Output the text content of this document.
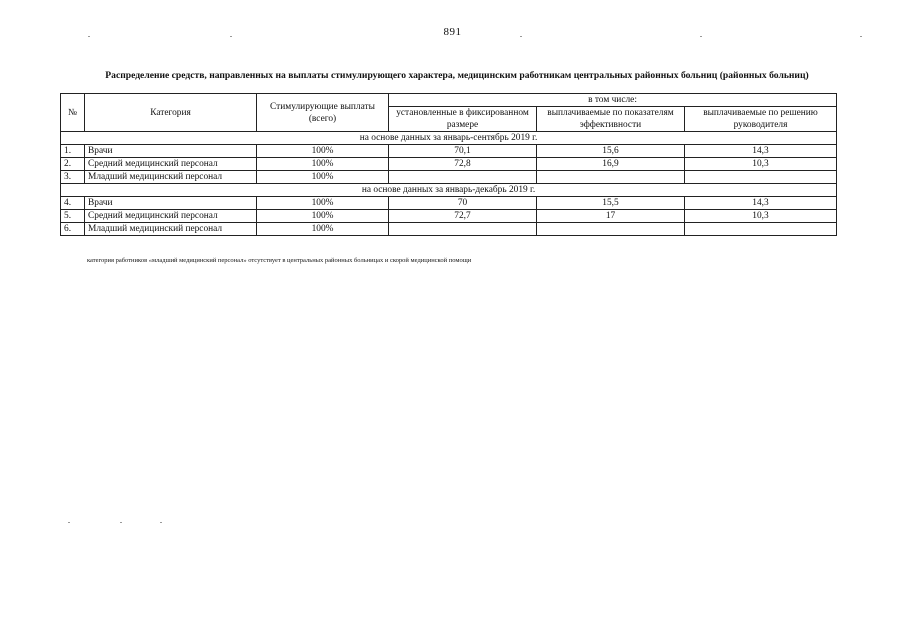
891
Распределение средств, направленных на выплаты стимулирующего характера, медицинским работникам центральных районных больниц (районных больниц)
№	Категория	Стимулирующие выплаты (всего)	в том числе:		
			установленные в фиксированном размере	выплачиваемые по показателям эффективности	выплачиваемые по решению руководителя
на основе данных за январь-сентябрь 2019 г.					
1.	Врачи	100%	70,1	15,6	14,3
2.	Средний медицинский персонал	100%	72,8	16,9	10,3
3.	Младший медицинский персонал	100%			
на основе данных за январь-декабрь 2019 г.					
4.	Врачи	100%	70	15,5	14,3
5.	Средний медицинский персонал	100%	72,7	17	10,3
6.	Младший медицинский персонал	100%			
категория работников «младший медицинский персонал» отсутствует в центральных районных больницах и скорой медицинской помощи
